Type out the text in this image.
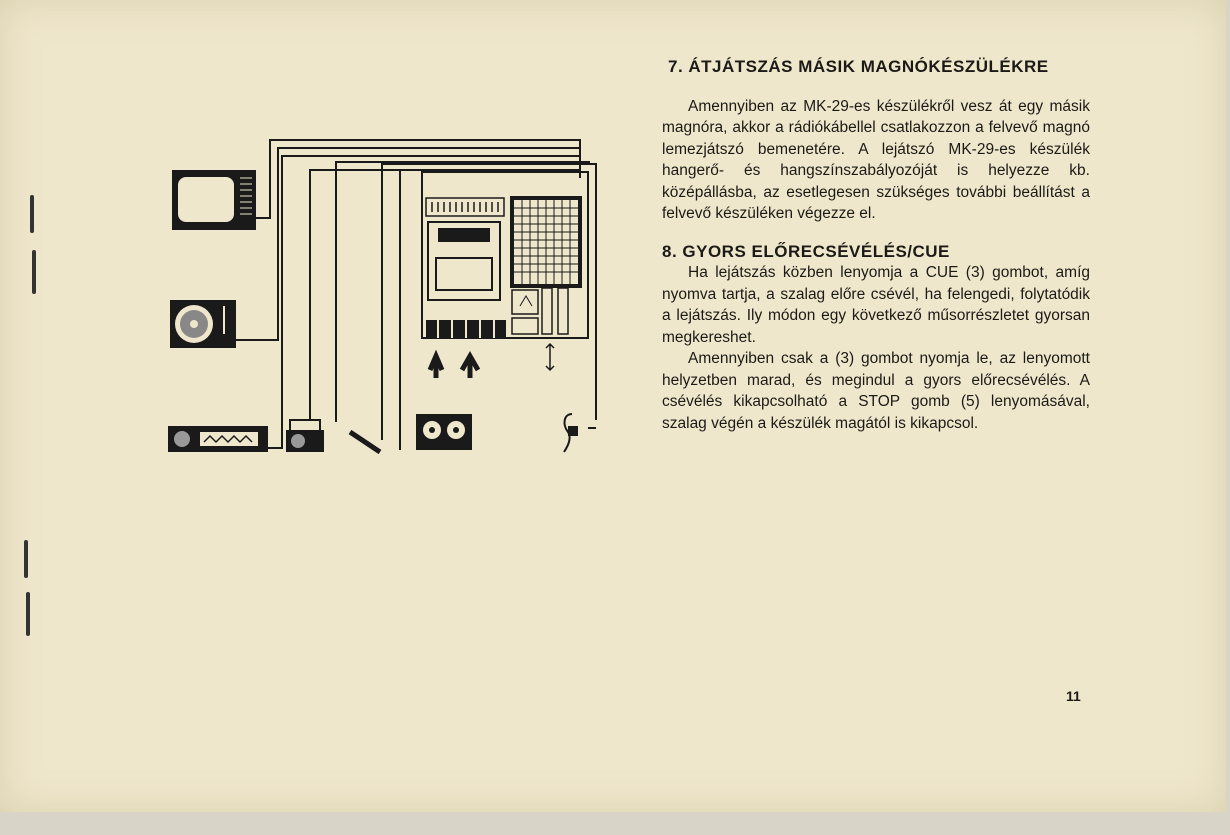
7. ÁTJÁTSZÁS MÁSIK MAGNÓKÉSZÜLÉKRE

Amennyiben az MK-29-es készülékről vesz át egy másik magnóra, akkor a rádiókábellel csatlakozzon a felvevő magnó lemezjátszó bemenetére. A lejátszó MK-29-es készülék hangerő- és hangszínszabályozóját is helyezze kb. középállásba, az esetlegesen szükséges további beállítást a felvevő készüléken végezze el.

8. GYORS ELŐRECSÉVÉLÉS/CUE

Ha lejátszás közben lenyomja a CUE (3) gombot, amíg nyomva tartja, a szalag előre csévél, ha felengedi, folytatódik a lejátszás. Ily módon egy következő műsorrészletet gyorsan megkereshet.

Amennyiben csak a (3) gombot nyomja le, az lenyomott helyzetben marad, és megindul a gyors előrecsévélés. A csévélés kikapcsolható a STOP gomb (5) lenyomásával, szalag végén a készülék magától is kikapcsol.

11
